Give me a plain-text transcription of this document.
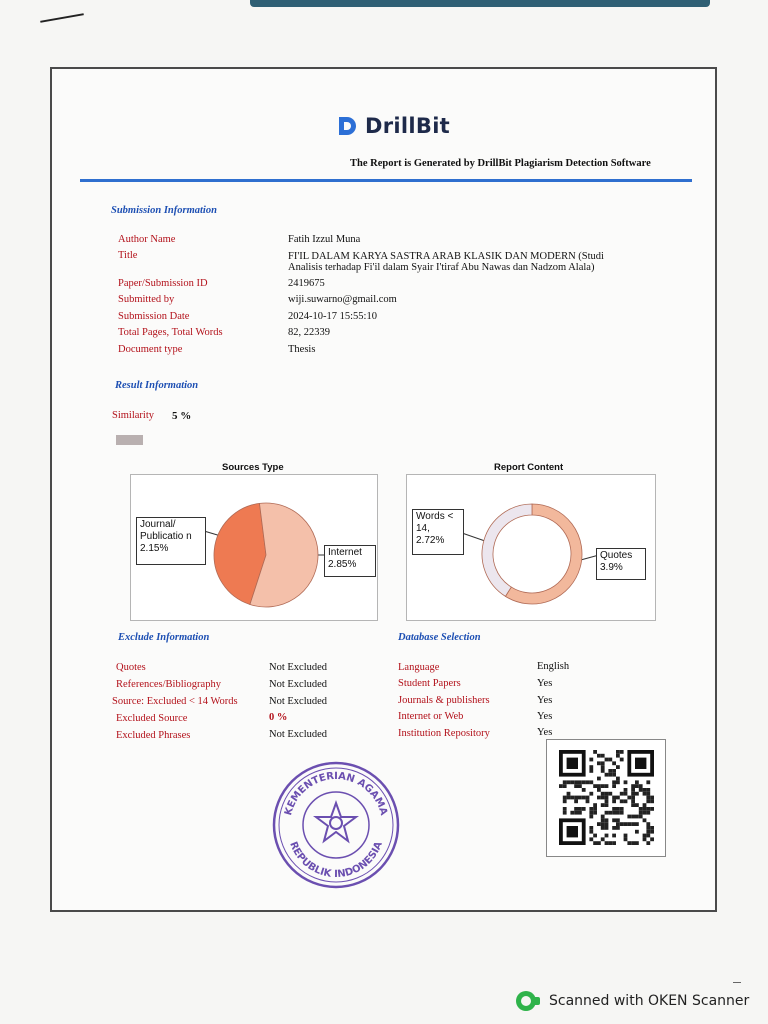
DrillBit
The Report is Generated by DrillBit Plagiarism Detection Software
Submission Information
Author Name	Fatih Izzul Muna
Title	FI'IL DALAM KARYA SASTRA ARAB KLASIK DAN MODERN (Studi Analisis terhadap Fi'il dalam Syair I'tiraf Abu Nawas dan Nadzom Alala)
Paper/Submission ID	2419675
Submitted by	wiji.suwarno@gmail.com
Submission Date	2024-10-17 15:55:10
Total Pages, Total Words	82, 22339
Document type	Thesis
Result Information
Similarity 5 %
Sources Type
Journal/ Publicatio n 2.15%	Internet 2.85%
Report Content
Words < 14, 2.72%
Quotes 3.9%
Exclude Information
Quotes	Not Excluded
References/Bibliography	Not Excluded
Source: Excluded < 14 Words	Not Excluded
Excluded Source	0 %
Excluded Phrases	Not Excluded
Database Selection
Language	English
Student Papers	Yes
Journals & publishers	Yes
Internet or Web	Yes
Institution Repository	Yes
KEMENTERIAN AGAMA
REPUBLIK INDONESIA
Scanned with OKEN Scanner
